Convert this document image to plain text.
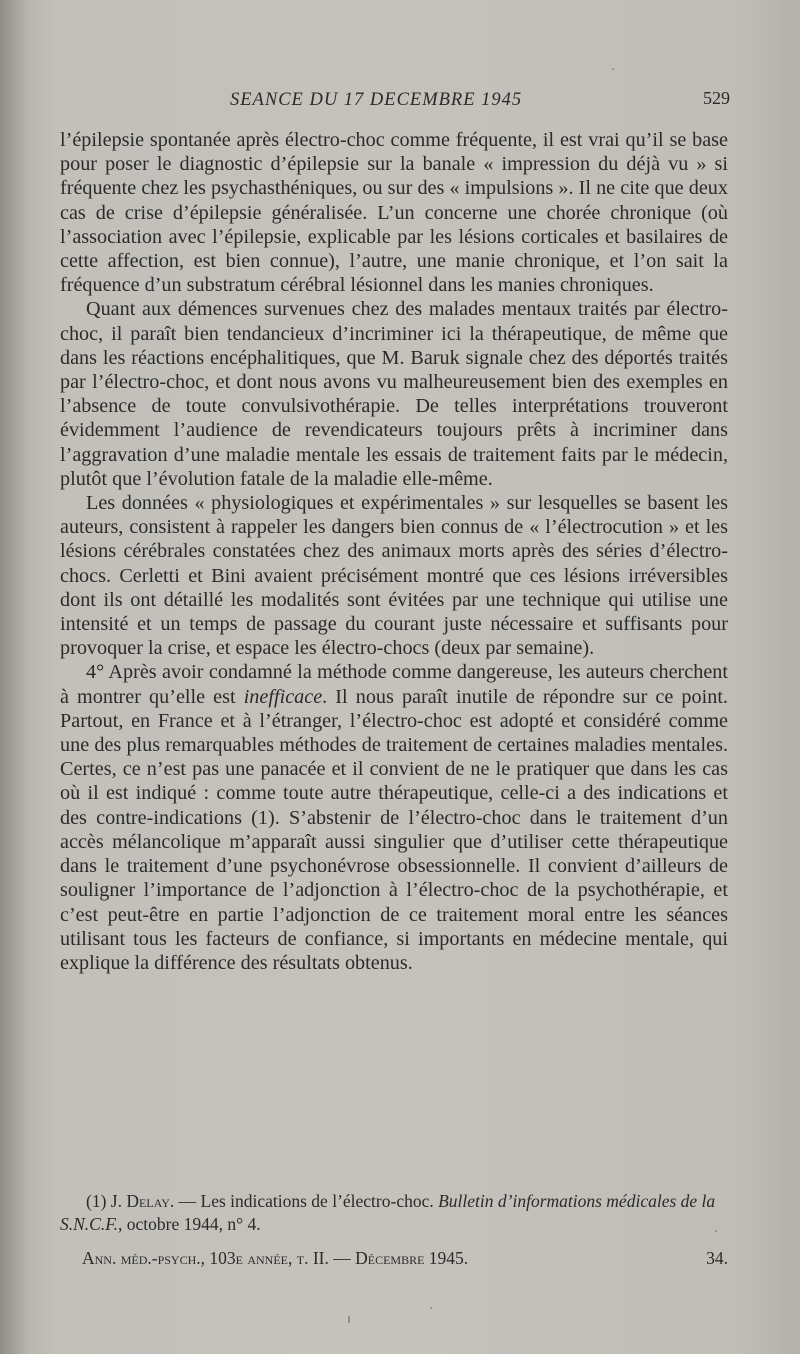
SEANCE DU 17 DECEMBRE 1945	529

l’épilepsie spontanée après électro-choc comme fréquente, il est vrai qu’il se base pour poser le diagnostic d’épilepsie sur la banale « impression du déjà vu » si fréquente chez les psychasthéniques, ou sur des « impulsions ». Il ne cite que deux cas de crise d’épilepsie généralisée. L’un concerne une chorée chronique (où l’association avec l’épilepsie, explicable par les lésions corticales et basilaires de cette affection, est bien connue), l’autre, une manie chronique, et l’on sait la fréquence d’un substratum cérébral lésionnel dans les manies chroniques.

Quant aux démences survenues chez des malades mentaux traités par électro-choc, il paraît bien tendancieux d’incriminer ici la thérapeutique, de même que dans les réactions encéphalitiques, que M. Baruk signale chez des déportés traités par l’électro-choc, et dont nous avons vu malheureusement bien des exemples en l’absence de toute convulsivothérapie. De telles interprétations trouveront évidemment l’audience de revendicateurs toujours prêts à incriminer dans l’aggravation d’une maladie mentale les essais de traitement faits par le médecin, plutôt que l’évolution fatale de la maladie elle-même.

Les données « physiologiques et expérimentales » sur lesquelles se basent les auteurs, consistent à rappeler les dangers bien connus de « l’électrocution » et les lésions cérébrales constatées chez des animaux morts après des séries d’électro-chocs. Cerletti et Bini avaient précisément montré que ces lésions irréversibles dont ils ont détaillé les modalités sont évitées par une technique qui utilise une intensité et un temps de passage du courant juste nécessaire et suffisants pour provoquer la crise, et espace les électro-chocs (deux par semaine).

4° Après avoir condamné la méthode comme dangereuse, les auteurs cherchent à montrer qu’elle est inefficace. Il nous paraît inutile de répondre sur ce point. Partout, en France et à l’étranger, l’électro-choc est adopté et considéré comme une des plus remarquables méthodes de traitement de certaines maladies mentales. Certes, ce n’est pas une panacée et il convient de ne le pratiquer que dans les cas où il est indiqué : comme toute autre thérapeutique, celle-ci a des indications et des contre-indications (1). S’abstenir de l’électro-choc dans le traitement d’un accès mélancolique m’apparaît aussi singulier que d’utiliser cette thérapeutique dans le traitement d’une psychonévrose obsessionnelle. Il convient d’ailleurs de souligner l’importance de l’adjonction à l’électro-choc de la psychothérapie, et c’est peut-être en partie l’adjonction de ce traitement moral entre les séances utilisant tous les facteurs de confiance, si importants en médecine mentale, qui explique la différence des résultats obtenus.

(1) J. Delay. — Les indications de l’électro-choc. Bulletin d’informations médicales de la S.N.C.F., octobre 1944, n° 4.

Ann. méd.-psych., 103e année, t. II. — Décembre 1945.	34.
